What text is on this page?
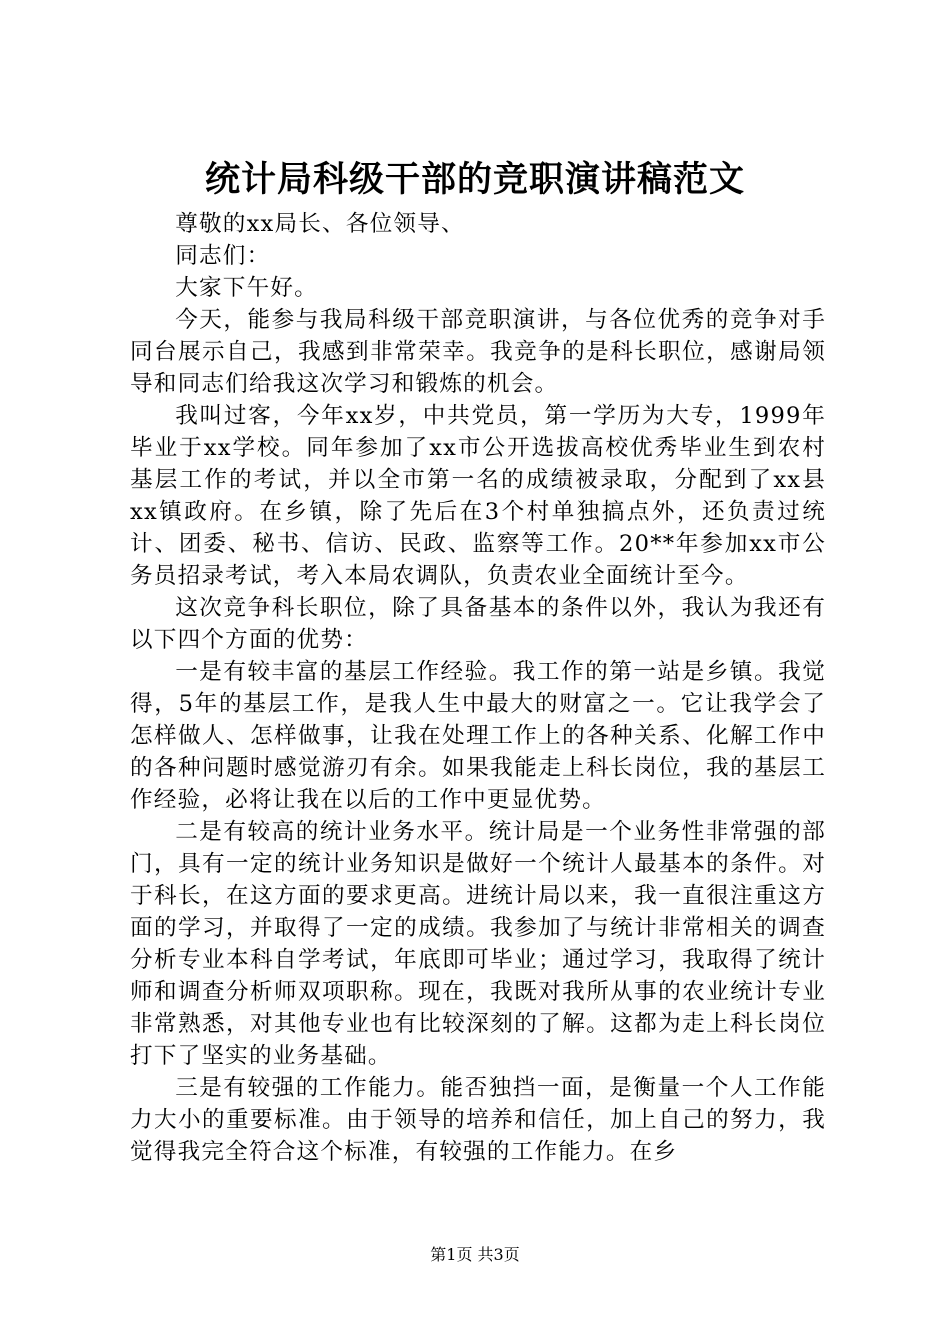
统计局科级干部的竞职演讲稿范文

尊敬的xx局长、各位领导、

同志们：

大家下午好。

今天，能参与我局科级干部竞职演讲，与各位优秀的竞争对手同台展示自己，我感到非常荣幸。我竞争的是科长职位，感谢局领导和同志们给我这次学习和锻炼的机会。

我叫过客，今年xx岁，中共党员，第一学历为大专，1999年毕业于xx学校。同年参加了xx市公开选拔高校优秀毕业生到农村基层工作的考试，并以全市第一名的成绩被录取，分配到了xx县xx镇政府。在乡镇，除了先后在3个村单独搞点外，还负责过统计、团委、秘书、信访、民政、监察等工作。20**年参加xx市公务员招录考试，考入本局农调队，负责农业全面统计至今。

这次竞争科长职位，除了具备基本的条件以外，我认为我还有以下四个方面的优势：

一是有较丰富的基层工作经验。我工作的第一站是乡镇。我觉得，5年的基层工作，是我人生中最大的财富之一。它让我学会了怎样做人、怎样做事，让我在处理工作上的各种关系、化解工作中的各种问题时感觉游刃有余。如果我能走上科长岗位，我的基层工作经验，必将让我在以后的工作中更显优势。

二是有较高的统计业务水平。统计局是一个业务性非常强的部门，具有一定的统计业务知识是做好一个统计人最基本的条件。对于科长，在这方面的要求更高。进统计局以来，我一直很注重这方面的学习，并取得了一定的成绩。我参加了与统计非常相关的调查分析专业本科自学考试，年底即可毕业；通过学习，我取得了统计师和调查分析师双项职称。现在，我既对我所从事的农业统计专业非常熟悉，对其他专业也有比较深刻的了解。这都为走上科长岗位打下了坚实的业务基础。

三是有较强的工作能力。能否独挡一面，是衡量一个人工作能力大小的重要标准。由于领导的培养和信任，加上自己的努力，我觉得我完全符合这个标准，有较强的工作能力。在乡

第1页 共3页
